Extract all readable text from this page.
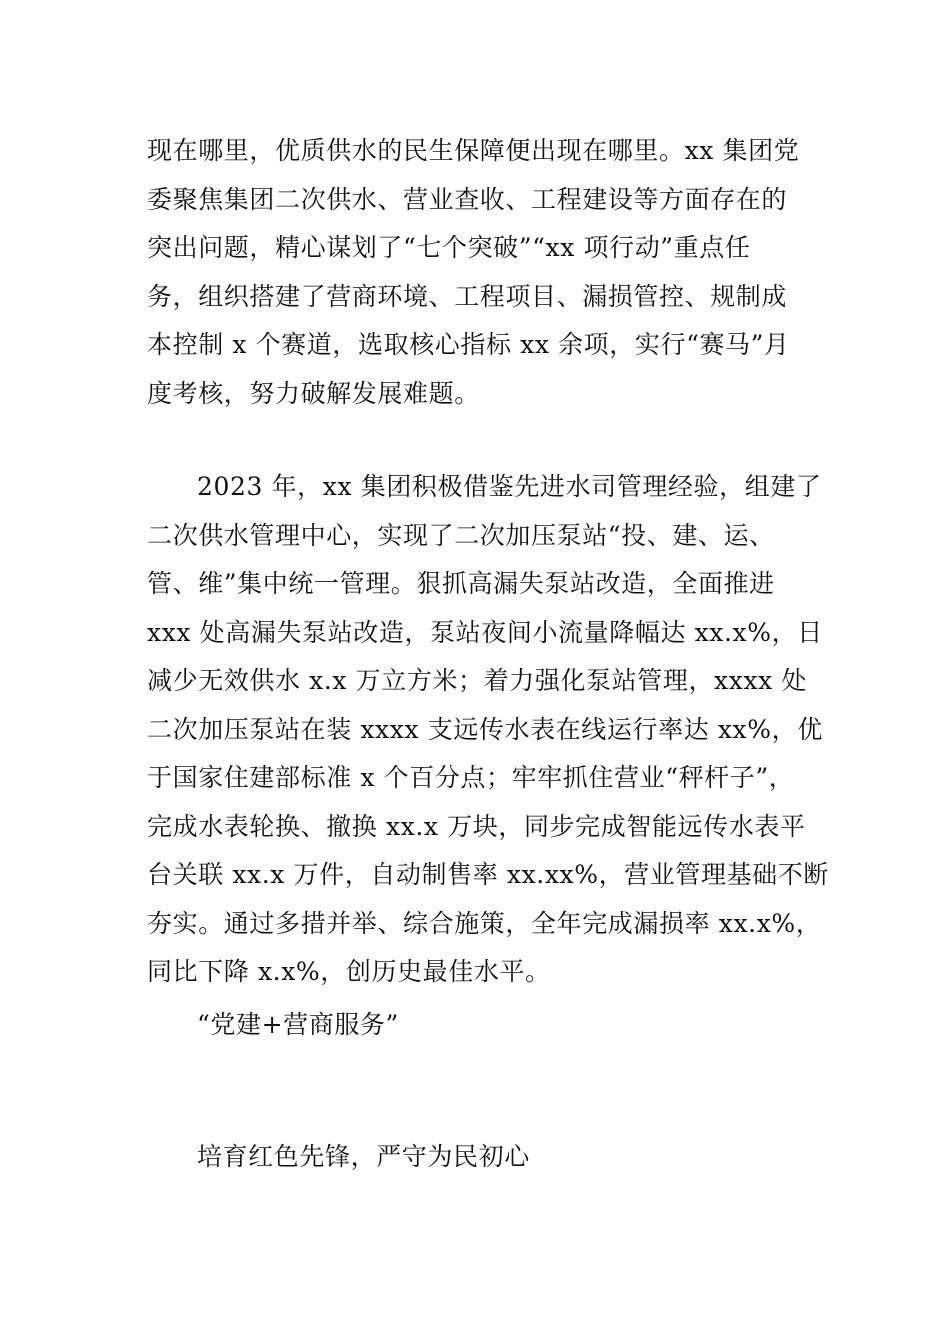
现在哪里，优质供水的民生保障便出现在哪里。xx 集团党
委聚焦集团二次供水、营业查收、工程建设等方面存在的
突出问题，精心谋划了“七个突破”“xx 项行动”重点任
务，组织搭建了营商环境、工程项目、漏损管控、规制成
本控制 x 个赛道，选取核心指标 xx 余项，实行“赛马”月
度考核，努力破解发展难题。
2023 年，xx 集团积极借鉴先进水司管理经验，组建了
二次供水管理中心，实现了二次加压泵站“投、建、运、
管、维”集中统一管理。狠抓高漏失泵站改造，全面推进
xxx 处高漏失泵站改造，泵站夜间小流量降幅达 xx.x%，日
减少无效供水 x.x 万立方米；着力强化泵站管理，xxxx 处
二次加压泵站在装 xxxx 支远传水表在线运行率达 xx%，优
于国家住建部标准 x 个百分点；牢牢抓住营业“秤杆子”，
完成水表轮换、撤换 xx.x 万块，同步完成智能远传水表平
台关联 xx.x 万件，自动制售率 xx.xx%，营业管理基础不断
夯实。通过多措并举、综合施策，全年完成漏损率 xx.x%，
同比下降 x.x%，创历史最佳水平。
“党建+营商服务”
培育红色先锋，严守为民初心
